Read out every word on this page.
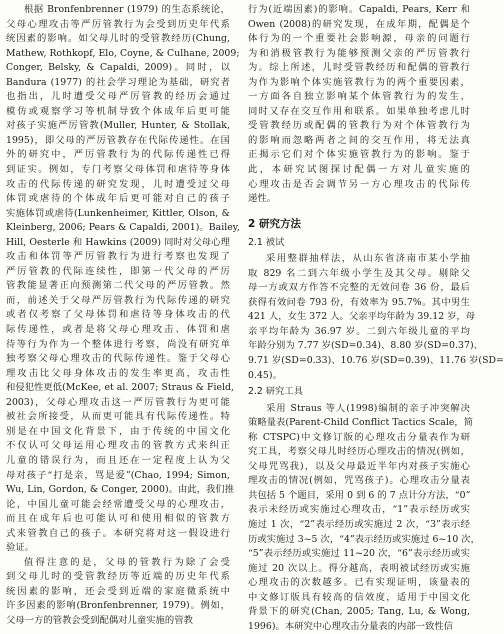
根据 Bronfenbrenner (1979) 的生态系统论，
父母心理攻击等严厉管教行为会受到历史年代系
统因素的影响。如父母儿时的受管教经历(Chung,
Mathew, Rothkopf, Elo, Coyne, & Culhane, 2009;
Conger, Belsky, & Capaldi, 2009)。同时，以
Bandura (1977) 的社会学习理论为基础，研究者
也指出，儿时遭受父母严厉管教的经历会通过
模仿或观察学习等机制导致个体成年后更可能
对孩子实施严厉管教(Muller, Hunter, & Stollak,
1995)，即父母的严厉管教存在代际传递性。在国
外的研究中，严厉管教行为的代际传递性已得
到证实。例如，专门考察父母体罚和虐待等身体
攻击的代际传递的研究发现，儿时遭受过父母
体罚或虐待的个体成年后更可能对自己的孩子
实施体罚或虐待(Lunkenheimer, Kittler, Olson, &
Kleinberg, 2006; Pears & Capaldi, 2001)。Bailey,
Hill, Oesterle 和 Hawkins (2009) 同时对父母心理
攻击和体罚等严厉管教行为进行考察也发现了
严厉管教的代际连续性，即第一代父母的严厉
管教能显著正向预测第二代父母的严厉管教。然
而，前述关于父母严厉管教行为代际传递的研究
或者仅考察了父母体罚和虐待等身体攻击的代
际传递性，或者是将父母心理攻击、体罚和虐
待等行为作为一个整体进行考察，尚没有研究单
独考察父母心理攻击的代际传递性。鉴于父母心
理攻击比父母身体攻击的发生率更高，攻击性
和侵犯性更低(McKee, et al. 2007; Straus & Field,
2003)，父母心理攻击这一严厉管教行为更可能
被社会所接受，从而更可能具有代际传递性。特
别是在中国文化背景下，由于传统的中国文化
不仅认可父母运用心理攻击的管教方式来纠正
儿童的错误行为，而且还在一定程度上认为父
母对孩子“打是亲，骂是爱”(Chao, 1994; Simon,
Wu, Lin, Gordon, & Conger, 2000)。由此，我们推
论，中国儿童可能会经常遭受父母的心理攻击，
而且在成年后也可能认可和使用相似的管教方
式来管教自己的孩子。本研究将对这一假设进行
验证。
值得注意的是，父母的管教行为除了会受
到父母儿时的受管教经历等近端的历史年代系
统因素的影响，还会受到近端的家庭微系统中
许多因素的影响(Bronfenbrenner, 1979)。例如，
父母一方的管教会受到配偶对儿童实施的管教
行为(近端因素)的影响。Capaldi, Pears, Kerr 和
Owen (2008)的研究发现，在成年期，配偶是个
体行为的一个重要社会影响源，母亲的问题行
为和消极管教行为能够预测父亲的严厉管教行
为。综上所述，儿时受管教经历和配偶的管教行
为作为影响个体实施管教行为的两个重要因素，
一方面各自独立影响某个体管教行为的发生，
同时又存在交互作用和联系。如果单独考虑儿时
受管教经历或配偶的管教行为对个体管教行为
的影响而忽略两者之间的交互作用，将无法真
正揭示它们对个体实施管教行为的影响。鉴于
此，本研究试图探讨配偶一方对儿童实施的
心理攻击是否会调节另一方心理攻击的代际传
递性。
2 研究方法
2.1 被试
采用整群抽样法，从山东省济南市某小学抽
取 829 名二到六年级小学生及其父母。剔除父
母一方或双方作答不完整的无效问卷 36 份，最后
获得有效问卷 793 份，有效率为 95.7%。其中男生
421 人，女生 372 人。父亲平均年龄为 39.12 岁，母
亲平均年龄为 36.97 岁。二到六年级儿童的平均
年龄分别为 7.77 岁(SD=0.34)、8.80 岁(SD=0.37)、
9.71 岁(SD=0.33)、10.76 岁(SD=0.39)、11.76 岁(SD=
0.45)。
2.2 研究工具
采用 Straus 等人(1998)编制的亲子冲突解决
策略量表(Parent-Child Conflict Tactics Scale，简
称 CTSPC)中文修订版的心理攻击分量表作为研
究工具，考察父母儿时经历心理攻击的情况(例如，
父母咒骂我)，以及父母最近半年内对孩子实施心
理攻击的情况(例如，咒骂孩子)。心理攻击分量表
共包括 5 个题目，采用 0 到 6 的 7 点计分方法，“0”
表示未经历或实施过心理攻击，“1”表示经历或实
施过 1 次，“2”表示经历或实施过 2 次，“3”表示经
历或实施过 3~5 次，“4”表示经历或实施过 6~10 次，
“5”表示经历或实施过 11~20 次，“6”表示经历或实
施过 20 次以上。得分越高，表明被试经历或实施
心理攻击的次数越多。已有实现证明，该量表的
中文修订版具有较高的信效度，适用于中国文化
背景下的研究(Chan, 2005; Tang, Lu, & Wong,
1996)。本研究中心理攻击分量表的内部一致性信
